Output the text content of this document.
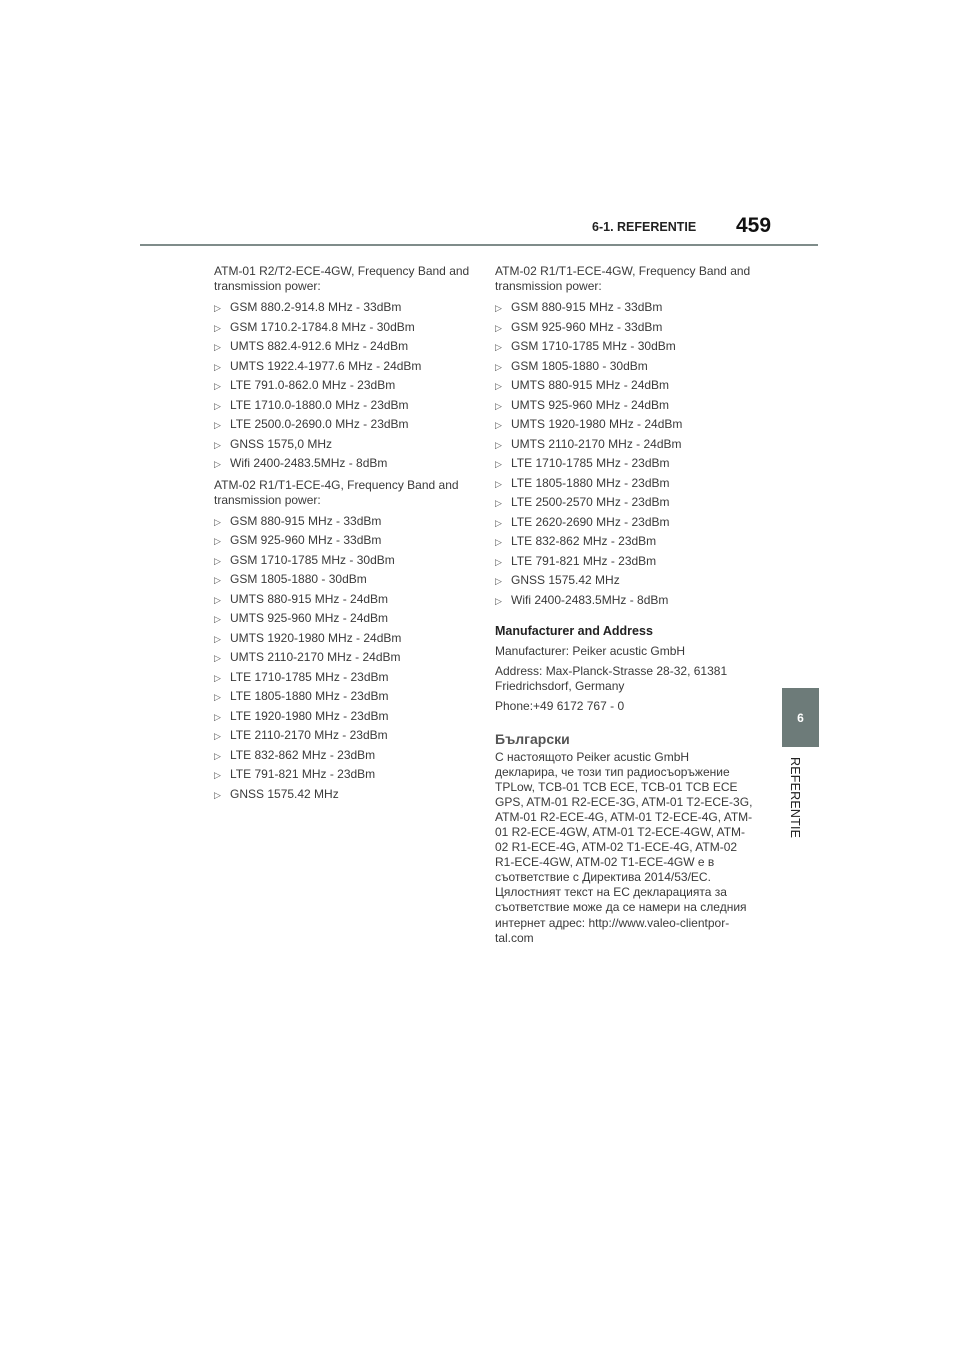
6-1. REFERENTIE 459

ATM-01 R2/T2-ECE-4GW, Frequency Band and transmission power:

▷ GSM 880.2-914.8 MHz - 33dBm
▷ GSM 1710.2-1784.8 MHz - 30dBm
▷ UMTS 882.4-912.6 MHz - 24dBm
▷ UMTS 1922.4-1977.6 MHz - 24dBm
▷ LTE 791.0-862.0 MHz - 23dBm
▷ LTE 1710.0-1880.0 MHz - 23dBm
▷ LTE 2500.0-2690.0 MHz - 23dBm
▷ GNSS 1575,0 MHz
▷ Wifi 2400-2483.5MHz - 8dBm

ATM-02 R1/T1-ECE-4G, Frequency Band and transmission power:

▷ GSM 880-915 MHz - 33dBm
▷ GSM 925-960 MHz - 33dBm
▷ GSM 1710-1785 MHz - 30dBm
▷ GSM 1805-1880 - 30dBm
▷ UMTS 880-915 MHz - 24dBm
▷ UMTS 925-960 MHz - 24dBm
▷ UMTS 1920-1980 MHz - 24dBm
▷ UMTS 2110-2170 MHz - 24dBm
▷ LTE 1710-1785 MHz - 23dBm
▷ LTE 1805-1880 MHz - 23dBm
▷ LTE 1920-1980 MHz - 23dBm
▷ LTE 2110-2170 MHz - 23dBm
▷ LTE 832-862 MHz - 23dBm
▷ LTE 791-821 MHz - 23dBm
▷ GNSS 1575.42 MHz

ATM-02 R1/T1-ECE-4GW, Frequency Band and transmission power:

▷ GSM 880-915 MHz - 33dBm
▷ GSM 925-960 MHz - 33dBm
▷ GSM 1710-1785 MHz - 30dBm
▷ GSM 1805-1880 - 30dBm
▷ UMTS 880-915 MHz - 24dBm
▷ UMTS 925-960 MHz - 24dBm
▷ UMTS 1920-1980 MHz - 24dBm
▷ UMTS 2110-2170 MHz - 24dBm
▷ LTE 1710-1785 MHz - 23dBm
▷ LTE 1805-1880 MHz - 23dBm
▷ LTE 2500-2570 MHz - 23dBm
▷ LTE 2620-2690 MHz - 23dBm
▷ LTE 832-862 MHz - 23dBm
▷ LTE 791-821 MHz - 23dBm
▷ GNSS 1575.42 MHz
▷ Wifi 2400-2483.5MHz - 8dBm
Manufacturer and Address

Manufacturer: Peiker acustic GmbH

Address: Max-Planck-Strasse 28-32, 61381 Friedrichsdorf, Germany

Phone:+49 6172 767 - 0

Български

С настоящото Peiker acustic GmbH декларира, че този тип радиосъоръжение TPLow, TCB-01 TCB ECE, TCB-01 TCB ECE GPS, ATM-01 R2-ECE-3G, ATM-01 T2-ECE-3G, ATM-01 R2-ECE-4G, ATM-01 T2-ECE-4G, ATM-01 R2-ECE-4GW, ATM-01 T2-ECE-4GW, ATM-02 R1-ECE-4G, ATM-02 T1-ECE-4G, ATM-02 R1-ECE-4GW, ATM-02 T1-ECE-4GW е в съответствие с Директива 2014/53/EC. Цялостният текст на ЕС декларацията за съответствие може да се намери на следния интернет адрес: http://www.valeo-clientpor-tal.com

6
REFERENTIE
